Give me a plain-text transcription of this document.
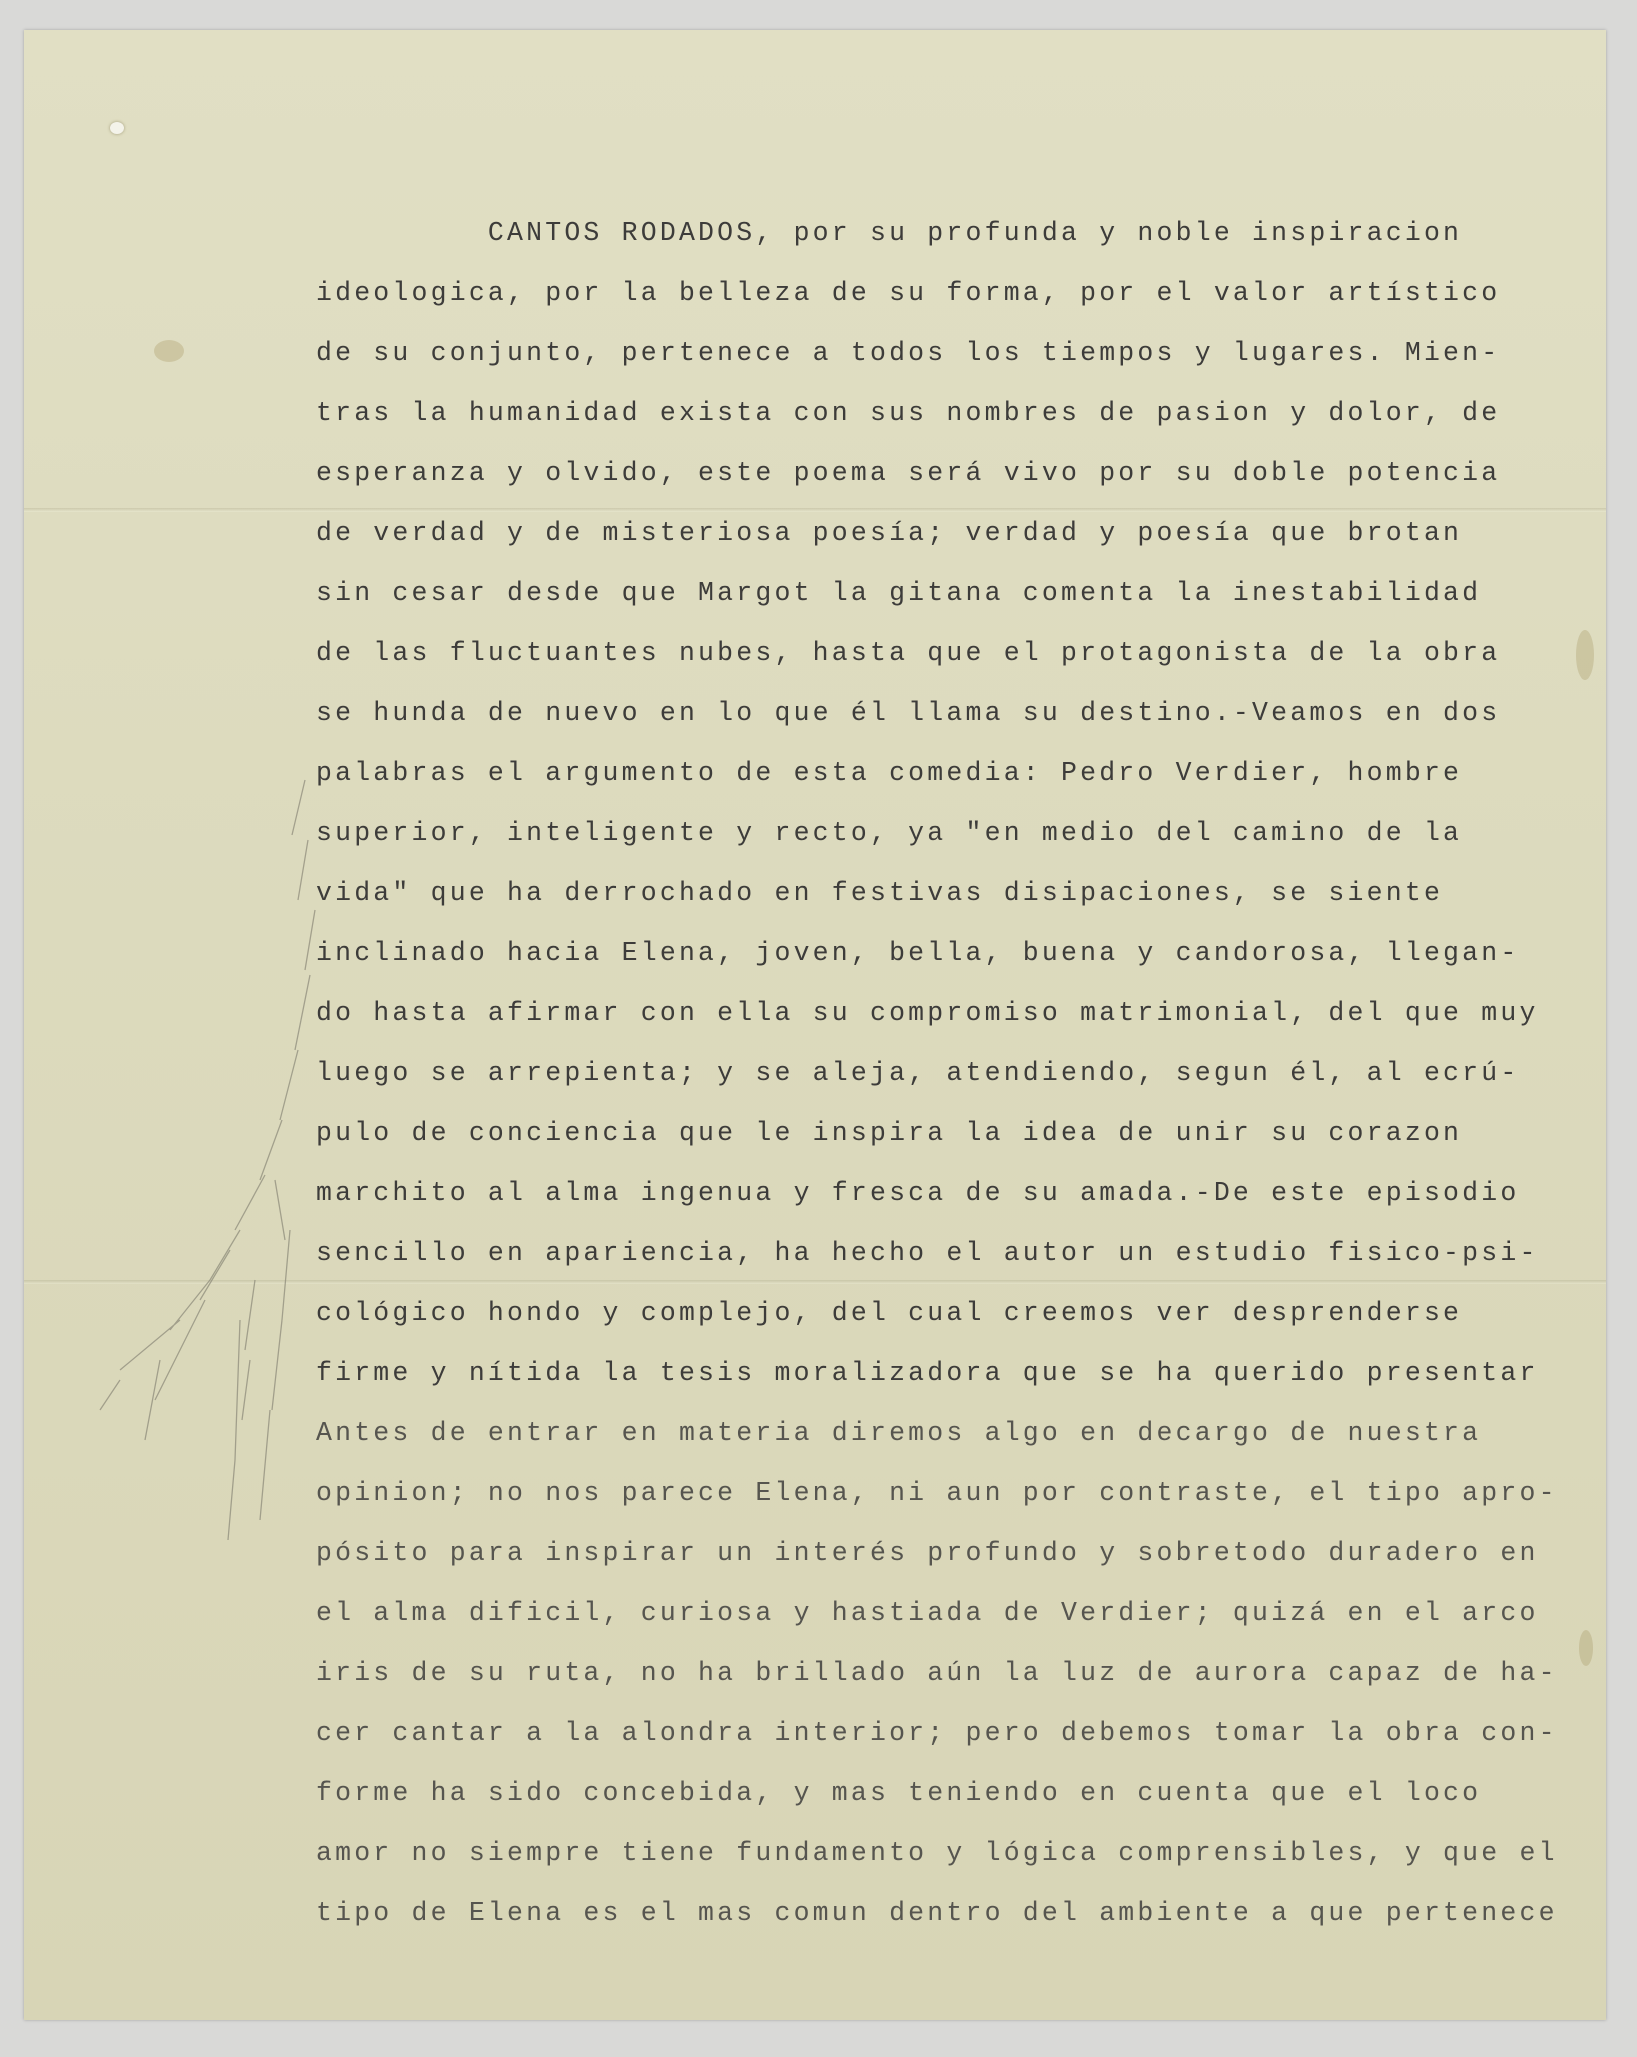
CANTOS RODADOS, por su profunda y noble inspiracion
ideologica, por la belleza de su forma, por el valor artístico
de su conjunto, pertenece a todos los tiempos y lugares. Mien-
tras la humanidad exista con sus nombres de pasion y dolor, de
esperanza y olvido, este poema será vivo por su doble potencia
de verdad y de misteriosa poesía; verdad y poesía que brotan
sin cesar desde que Margot la gitana comenta la inestabilidad
de las fluctuantes nubes, hasta que el protagonista de la obra
se hunda de nuevo en lo que él llama su destino.-Veamos en dos
palabras el argumento de esta comedia: Pedro Verdier, hombre
superior, inteligente y recto, ya "en medio del camino de la
vida" que ha derrochado en festivas disipaciones, se siente
inclinado hacia Elena, joven, bella, buena y candorosa, llegan-
do hasta afirmar con ella su compromiso matrimonial, del que muy
luego se arrepienta; y se aleja, atendiendo, segun él, al ecrú-
pulo de conciencia que le inspira la idea de unir su corazon
marchito al alma ingenua y fresca de su amada.-De este episodio
sencillo en apariencia, ha hecho el autor un estudio fisico-psi-
cológico hondo y complejo, del cual creemos ver desprenderse
firme y nítida la tesis moralizadora que se ha querido presentar
Antes de entrar en materia diremos algo en decargo de nuestra
opinion; no nos parece Elena, ni aun por contraste, el tipo apro-
pósito para inspirar un interés profundo y sobretodo duradero en
el alma dificil, curiosa y hastiada de Verdier; quizá en el arco
iris de su ruta, no ha brillado aún la luz de aurora capaz de ha-
cer cantar a la alondra interior; pero debemos tomar la obra con-
forme ha sido concebida, y mas teniendo en cuenta que el loco
amor no siempre tiene fundamento y lógica comprensibles, y que el
tipo de Elena es el mas comun dentro del ambiente a que pertenece
